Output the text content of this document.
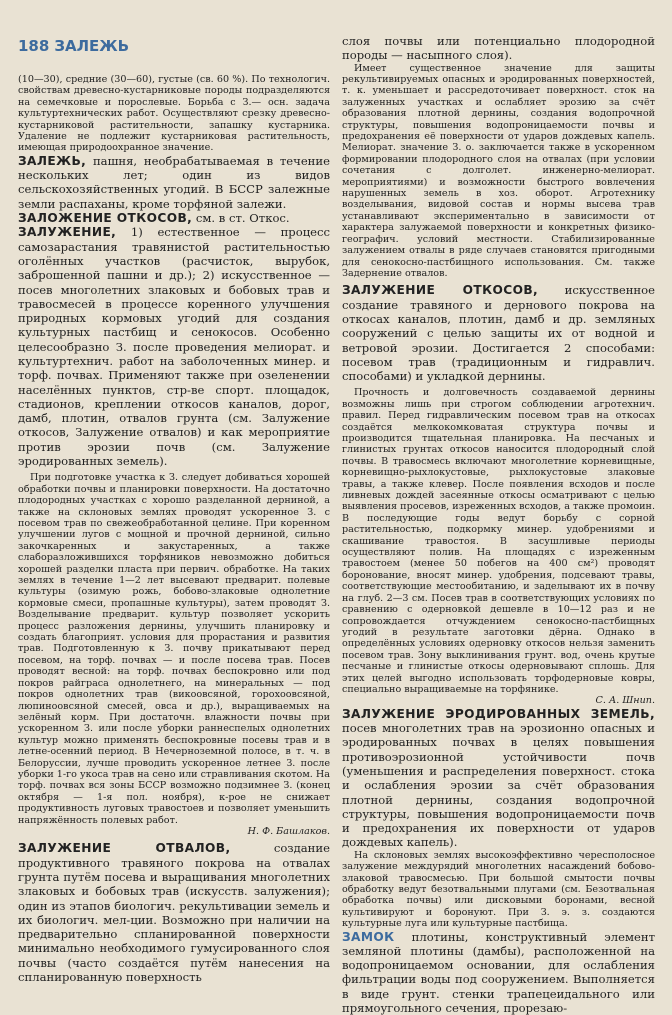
188 ЗАЛЕЖЬ

(10—30), средние (30—60), густые (св. 60 %). По технологич. свойствам древесно-кустарниковые породы подразделяются на семечковые и порослевые. Борьба с З.— осн. задача культуртехнических работ. Осуществляют срезку древесно-кустарниковой растительности, запашку кустарника. Удаление не подлежит кустарниковая растительность, имеющая природоохранное значение.

ЗАЛЕЖЬ, пашня, необрабатываемая в течение нескольких лет; один из видов сельскохозяйственных угодий. В БССР залежные земли распаханы, кроме торфяной залежи.

ЗАЛОЖЕНИЕ ОТКОСОВ, см. в ст. Откос.

ЗАЛУЖЕНИЕ, 1) естественное — процесс самозарастания травянистой растительностью оголённых участков (расчисток, вырубок, заброшенной пашни и др.); 2) искусственное — посев многолетних злаковых и бобовых трав и травосмесей в процессе коренного улучшения природных кормовых угодий для создания культурных пастбищ и сенокосов. Особенно целесообразно З. после проведения мелиорат. и культуртехнич. работ на заболоченных минер. и торф. почвах. Применяют также при озеленении населённых пунктов, стр-ве спорт. площадок, стадионов, креплении откосов каналов, дорог, дамб, плотин, отвалов грунта (см. Залужение откосов, Залужение отвалов) и как мероприятие против эрозии почв (см. Залужение эродированных земель).

При подготовке участка к З. следует добиваться хорошей обработки почвы и планировки поверхности. На достаточно плодородных участках с хорошо разделанной дерниной, а также на склоновых землях проводят ускоренное З. с посевом трав по свежеобработанной целине. При коренном улучшении лугов с мощной и прочной дерниной, сильно закочкаренных и закустаренных, а также слаборазложившихся торфяников невозможно добиться хорошей разделки пласта при первич. обработке. На таких землях в течение 1—2 лет высевают предварит. полевые культуры (озимую рожь, бобово-злаковые однолетние кормовые смеси, пропашные культуры), затем проводят З. Возделывание предварит. культур позволяет ускорить процесс разложения дернины, улучшить планировку и создать благоприят. условия для прорастания и развития трав. Подготовленную к З. почву прикатывают перед посевом, на торф. почвах — и после посева трав. Посев проводят весной: на торф. почвах беспокровно или под покров райграса однолетнего, на минеральных — под покров однолетних трав (викоовсяной, горохоовсяной, люпиноовсяной смесей, овса и др.), выращиваемых на зелёный корм. При достаточн. влажности почвы при ускоренном З. или после уборки раннеспелых однолетних культур можно применять беспокровные посевы трав и в летне-осенний период. В Нечерноземной полосе, в т. ч. в Белоруссии, лучше проводить ускоренное летнее З. после уборки 1-го укоса трав на сено или стравливания скотом. На торф. почвах вся зоны БССР возможно подзимнее З. (конец октября — 1-я пол. ноября), к-рое не снижает продуктивность луговых травостоев и позволяет уменьшить напряжённость полевых работ.

Н. Ф. Башлаков.

ЗАЛУЖЕНИЕ ОТВАЛОВ,	создание продуктивного травяного покрова на отвалах грунта путём посева и выращивания многолетних злаковых и бобовых трав (искусств. залужения); один из этапов биологич. рекультивации земель и их биологич. мел-ции. Возможно при наличии на предварительно спланированной поверхности минимально необходимого гумусированного слоя почвы (часто создаётся путём нанесения на спланированную поверхность

слоя почвы или потенциально плодородной породы — насыпного слоя).

Имеет существенное значение для защиты рекультивируемых опасных и эродированных поверхностей, т. к. уменьшает и рассредоточивает поверхност. сток на залуженных участках и ослабляет эрозию за счёт образования плотной дернины, создания водопрочной структуры, повышения водопроницаемости почвы и предохранения её поверхности от ударов дождевых капель. Мелиорат. значение З. о. заключается также в ускоренном формировании плодородного слоя на отвалах (при условии сочетания с долголет. инженерно-мелиорат. мероприятиями) и возможности быстрого вовлечения нарушенных земель в хоз. оборот. Агротехнику возделывания, видовой состав и нормы высева трав устанавливают экспериментально в зависимости от характера залужаемой поверхности и конкретных физико-географич. условий местности. Стабилизированные залужением отвалы в ряде случаев становятся пригодными для сенокосно-пастбищного использования. См. также Задернение отвалов.

ЗАЛУЖЕНИЕ ОТКОСОВ, искусственное создание травяного и дернового покрова на откосах каналов, плотин, дамб и др. земляных сооружений с целью защиты их от водной и ветровой эрозии. Достигается 2 способами: посевом трав (традиционным и гидравлич. способами) и укладкой дернины.

Прочность и долговечность создаваемой дернины возможны лишь при строгом соблюдении агротехнич. правил. Перед гидравлическим посевом трав на откосах создаётся мелкокомковатая структура почвы и производится тщательная планировка. На песчаных и глинистых грунтах откосов наносится плодородный слой почвы. В травосмесь включают многолетние корневищные, корневищно-рыхлокустовые, рыхлокустовые злаковые травы, а также клевер. После появления всходов и после ливневых дождей засеянные откосы осматривают с целью выявления просевов, изреженных всходов, а также промоин. В последующие годы ведут борьбу с сорной растительностью, подкормку минер. удобрениями и скашивание травостоя. В засушливые периоды осуществляют полив. На площадях с изреженным травостоем (менее 50 побегов на 400 см²) проводят боронование, вносят минер. удобрения, подсевают травы, соответствующие местообитанию, и заделывают их в почву на глуб. 2—3 см. Посев трав в соответствующих условиях по сравнению с одерновкой дешевле в 10—12 раз и не сопровождается отчуждением сенокосно-пастбищных угодий в результате заготовки дёрна. Однако в определённых условиях одерновку откосов нельзя заменить посевом трав. Зону выклинивания грунт. вод, очень крутые песчаные и глинистые откосы одерновывают сплошь. Для этих целей выгодно использовать торфодерновые ковры, специально выращиваемые на торфянике.

С. А. Шнип.

ЗАЛУЖЕНИЕ ЭРОДИРОВАННЫХ ЗЕМЕЛЬ, посев многолетних трав на эрозионно опасных и эродированных почвах в целях повышения противоэрозионной устойчивости почв (уменьшения и распределения поверхност. стока и ослабления эрозии за счёт образования плотной дернины, создания водопрочной структуры, повышения водопроницаемости почв и предохранения их поверхности от ударов дождевых капель).

На склоновых землях высокоэффективно чересполосное залужение междурядий многолетних насаждений бобово-злаковой травосмесью. При большой смытости почвы обработку ведут безотвальными плугами (см. Безотвальная обработка почвы) или дисковыми боронами, весной культивируют и боронуют. При З. э. з. создаются культурные луга или культурные пастбища.

ЗАМОК плотины, конструктивный элемент земляной плотины (дамбы), расположенной на водопроницаемом основании, для ослабления фильтрации воды под сооружением. Выполняется в виде грунт. стенки трапецеидального или прямоугольного сечения, прорезаю-
